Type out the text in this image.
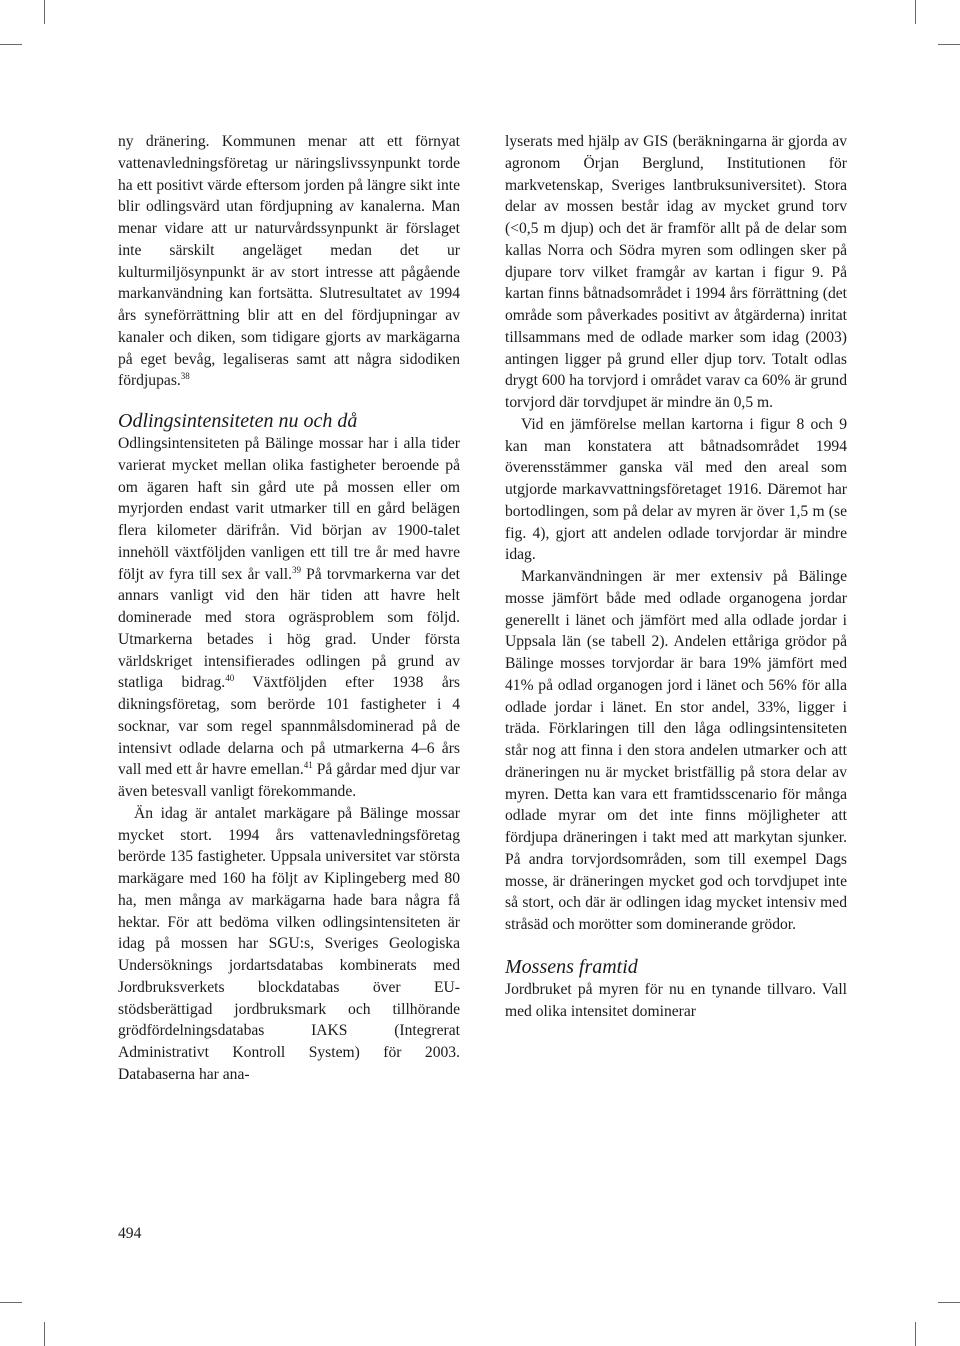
ny dränering. Kommunen menar att ett förnyat vattenavledningsföretag ur näringslivssynpunkt torde ha ett positivt värde eftersom jorden på längre sikt inte blir odlingsvärd utan fördjupning av kanalerna. Man menar vidare att ur naturvårdssynpunkt är förslaget inte särskilt angeläget medan det ur kulturmiljösynpunkt är av stort intresse att pågående markanvändning kan fortsätta. Slutresultatet av 1994 års syneförrättning blir att en del fördjupningar av kanaler och diken, som tidigare gjorts av markägarna på eget bevåg, legaliseras samt att några sidodiken fördjupas.$^{38}$

Odlingsintensiteten nu och då

Odlingsintensiteten på Bälinge mossar har i alla tider varierat mycket mellan olika fastigheter beroende på om ägaren haft sin gård ute på mossen eller om myrjorden endast varit utmarker till en gård belägen flera kilometer därifrån. Vid början av 1900-talet innehöll växtföljden vanligen ett till tre år med havre följt av fyra till sex år vall.$^{39}$ På torvmarkerna var det annars vanligt vid den här tiden att havre helt dominerade med stora ogräsproblem som följd. Utmarkerna betades i hög grad. Under första världskriget intensifierades odlingen på grund av statliga bidrag.$^{40}$ Växtföljden efter 1938 års dikningsföretag, som berörde 101 fastigheter i 4 socknar, var som regel spannmålsdominerad på de intensivt odlade delarna och på utmarkerna 4–6 års vall med ett år havre emellan.$^{41}$ På gårdar med djur var även betesvall vanligt förekommande.

Än idag är antalet markägare på Bälinge mossar mycket stort. 1994 års vattenavledningsföretag berörde 135 fastigheter. Uppsala universitet var största markägare med 160 ha följt av Kiplingeberg med 80 ha, men många av markägarna hade bara några få hektar. För att bedöma vilken odlingsintensiteten är idag på mossen har SGU:s, Sveriges Geologiska Undersöknings jordartsdatabas kombinerats med Jordbruksverkets blockdatabas över EU-stödsberättigad jordbruksmark och tillhörande grödfördelningsdatabas IAKS (Integrerat Administrativt Kontroll System) för 2003. Databaserna har ana-

lyserats med hjälp av GIS (beräkningarna är gjorda av agronom Örjan Berglund, Institutionen för markvetenskap, Sveriges lantbruksuniversitet). Stora delar av mossen består idag av mycket grund torv (<0,5 m djup) och det är framför allt på de delar som kallas Norra och Södra myren som odlingen sker på djupare torv vilket framgår av kartan i figur 9. På kartan finns båtnadsområdet i 1994 års förrättning (det område som påverkades positivt av åtgärderna) inritat tillsammans med de odlade marker som idag (2003) antingen ligger på grund eller djup torv. Totalt odlas drygt 600 ha torvjord i området varav ca 60% är grund torvjord där torvdjupet är mindre än 0,5 m.

Vid en jämförelse mellan kartorna i figur 8 och 9 kan man konstatera att båtnadsområdet 1994 överensstämmer ganska väl med den areal som utgjorde markavvattningsföretaget 1916. Däremot har bortodlingen, som på delar av myren är över 1,5 m (se fig. 4), gjort att andelen odlade torvjordar är mindre idag.

Markanvändningen är mer extensiv på Bälinge mosse jämfört både med odlade organogena jordar generellt i länet och jämfört med alla odlade jordar i Uppsala län (se tabell 2). Andelen ettåriga grödor på Bälinge mosses torvjordar är bara 19% jämfört med 41% på odlad organogen jord i länet och 56% för alla odlade jordar i länet. En stor andel, 33%, ligger i träda. Förklaringen till den låga odlingsintensiteten står nog att finna i den stora andelen utmarker och att dräneringen nu är mycket bristfällig på stora delar av myren. Detta kan vara ett framtidsscenario för många odlade myrar om det inte finns möjligheter att fördjupa dräneringen i takt med att markytan sjunker. På andra torvjordsområden, som till exempel Dags mosse, är dräneringen mycket god och torvdjupet inte så stort, och där är odlingen idag mycket intensiv med stråsäd och morötter som dominerande grödor.

Mossens framtid

Jordbruket på myren för nu en tynande tillvaro. Vall med olika intensitet dominerar

494
